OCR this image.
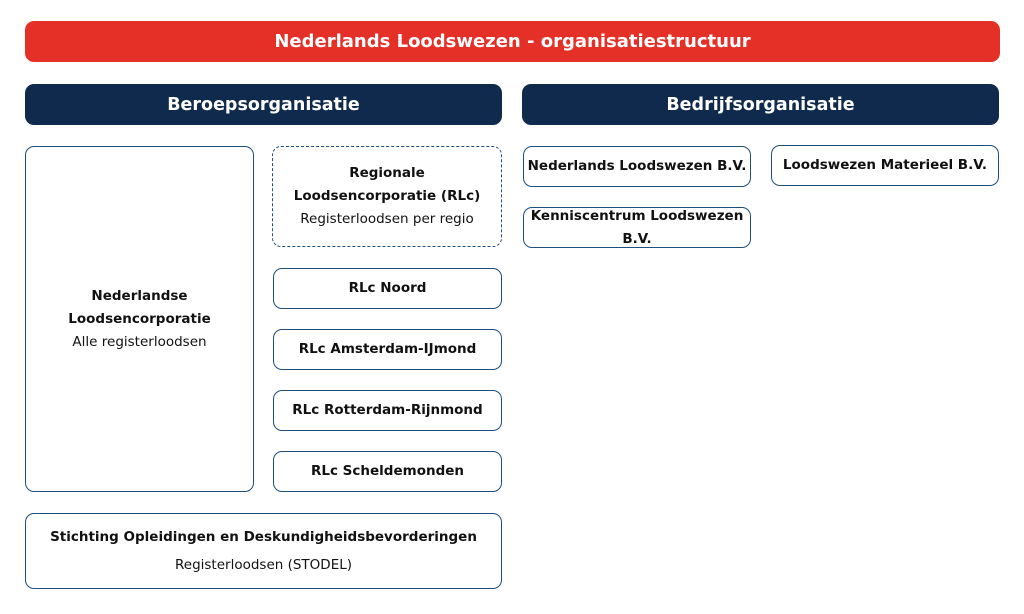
Nederlands Loodswezen - organisatiestructuur
Beroepsorganisatie	Bedrijfsorganisatie
Nederlandse
Loodsencorporatie
Alle registerloodsen
Regionale
Loodsencorporatie (RLc)
Registerloodsen per regio
RLc Noord
RLc Amsterdam-IJmond
RLc Rotterdam-Rijnmond
RLc Scheldemonden
Stichting Opleidingen en Deskundigheidsbevorderingen
Registerloodsen (STODEL)
Nederlands Loodswezen B.V.	Loodswezen Materieel B.V.
Kenniscentrum Loodswezen B.V.
